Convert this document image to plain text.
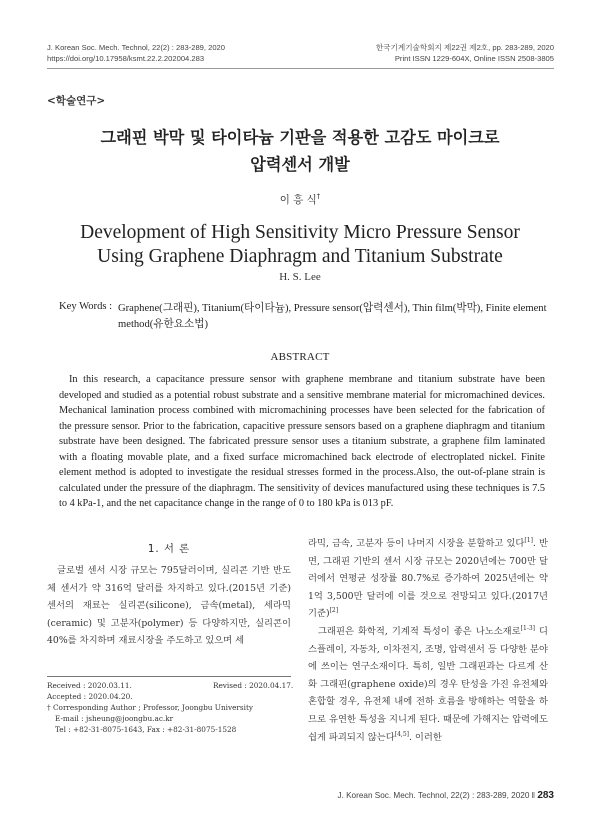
J. Korean Soc. Mech. Technol, 22(2) : 283-289, 2020
https://doi.org/10.17958/ksmt.22.2.202004.283
한국기계기술학회지 제22권 제2호, pp. 283-289, 2020
Print ISSN 1229-604X, Online ISSN 2508-3805
<학술연구>
그래핀 박막 및 타이타늄 기판을 적용한 고감도 마이크로
압력센서 개발
이 흥 식†
Development of High Sensitivity Micro Pressure Sensor
Using Graphene Diaphragm and Titanium Substrate
H. S. Lee
Key Words : Graphene(그래핀), Titanium(타이타늄), Pressure sensor(압력센서), Thin film(박막), Finite element method(유한요소법)
ABSTRACT
In this research, a capacitance pressure sensor with graphene membrane and titanium substrate have been developed and studied as a potential robust substrate and a sensitive membrane material for micromachined devices. Mechanical lamination process combined with micromachining processes have been selected for the fabrication of the pressure sensor. Prior to the fabrication, capacitive pressure sensors based on a graphene diaphragm and titanium substrate have been designed. The fabricated pressure sensor uses a titanium substrate, a graphene film laminated with a floating movable plate, and a fixed surface micromachined back electrode of electroplated nickel. Finite element method is adopted to investigate the residual stresses formed in the process.Also, the out-of-plane strain is calculated under the pressure of the diaphragm. The sensitivity of devices manufactured using these techniques is 7.5 to 4 kPa-1, and the net capacitance change in the range of 0 to 180 kPa is 013 pF.
1. 서 론

글로벌 센서 시장 규모는 795달러이며, 실리콘 기반 반도체 센서가 약 316억 달러를 차지하고 있다.(2015년 기준) 센서의 재료는 실리콘(silicone), 금속(metal), 세라믹(ceramic) 및 고분자(polymer) 등 다양하지만, 실리콘이 40%를 차지하며 재료시장을 주도하고 있으며 세

라믹, 금속, 고분자 등이 나머지 시장을 분할하고 있다[1]. 반면, 그래핀 기반의 센서 시장 규모는 2020년에는 700만 달러에서 연평균 성장률 80.7%로 증가하여 2025년에는 약 1억 3,500만 달러에 이를 것으로 전망되고 있다.(2017년 기준)[2]

그래핀은 화학적, 기계적 특성이 좋은 나노소재로[1-3] 디스플레이, 자동차, 이차전지, 조명, 압력센서 등 다양한 분야에 쓰이는 연구소재이다. 특히, 일반 그래핀과는 다르게 산화 그래핀(graphene oxide)의 경우 탄성을 가진 유전체와 혼합할 경우, 유전체 내에 전하 흐름을 방해하는 역할을 하므로 유연한 특성을 지니게 된다. 때문에 가해지는 압력에도 쉽게 파괴되지 않는다[4,5]. 이러한

Received : 2020.03.11.	Revised : 2020.04.17.
Accepted : 2020.04.20.
† Corresponding Author ; Professor, Joongbu University
E-mail : jsheung@joongbu.ac.kr
Tel : +82-31-8075-1643, Fax : +82-31-8075-1528
J. Korean Soc. Mech. Technol, 22(2) : 283-289, 2020 ‖ 283
